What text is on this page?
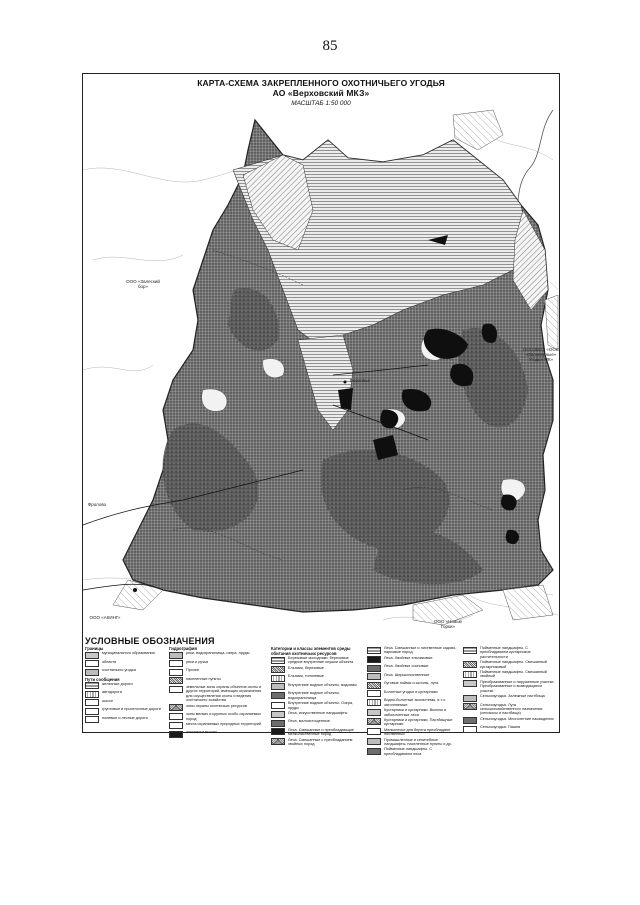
85
КАРТА-СХЕМА ЗАКРЕПЛЕННОГО ОХОТНИЧЬЕГО УГОДЬЯ
АО «Верховский МКЗ»
МАСШТАБ 1:50 000
ООО «Залеский бор»
ОООЗВОТ «ООС «Заповедные» Угодья МК»
Фролово
ООО «АКИНГ»
ООО «Новые Горки»
Верховье
УСЛОВНЫЕ ОБОЗНАЧЕНИЯ
Границы
муниципального образования
области
охотничьего угодья
Пути сообщения
железные дороги
автодороги
шоссе
грунтовые и проселочные дороги
полевые и лесные дороги
Гидрография
реки, водохранилища, озера, пруды
реки и ручьи
Прочее
населенные пункты
земельные зоны охраны объектов охоты и других территорий, имеющих ограничения для осуществления охоты и ведения охотничьего хозяйства
зоны охраны охотничьих ресурсов
зоны мелких и крупных особо охраняемых пород
места охраняемых природных территорий
охотничьи вышки
Категории и классы элементов среды обитания охотничьих ресурсов
Березовые молодняки, березовые средние внутренние опушки объекта
Ельники, березовые
Ельники, тополевые
Внутренние водные объекты, водоемы
Внутренние водные объекты, водохранилища
Внутренние водные объекты. Озера, пруды
Леса, искусственные ландшафты
Леса, малоистощенные
Леса. Смешанные и преобладающие мелколиственные пород
Леса. Смешанные с преобладанием хвойных пород
Леса. Смешанные и лиственные садово-парковые пород
Леса. Хвойные ельниковые
Леса. Хвойные сосновые
Леса. Широколиственные
Луговые поймы и склоны, луга
Болотные угодья и кустарники
Водно-болотные экосистемы, в т.ч. затопляемые
Кустарники и кустарники. Выгоны и заболоченные леса
Кустарники и кустарники. Пастбищные кустарники
Мелколесье для берега преобладают лиственных
Промышленные и селитебные ландшафты, населенные пункты и др.
Пойменные ландшафты. С преобладанием леса
Пойменные ландшафты. С преобладанием кустарников растительности
Пойменные ландшафты. Смешанный кустарниковый
Пойменные ландшафты. Смешанный хвойный
Преобразованные и нарушенные участки. Преобразованные и возводящиеся участки
Сельхозугодья. Залежные пастбища
Сельхозугодья. Луга сельскохозяйственного назначения (сенокосы и пастбища)
Сельхозугодья. Многолетние насаждения
Сельхозугодья. Пашни
